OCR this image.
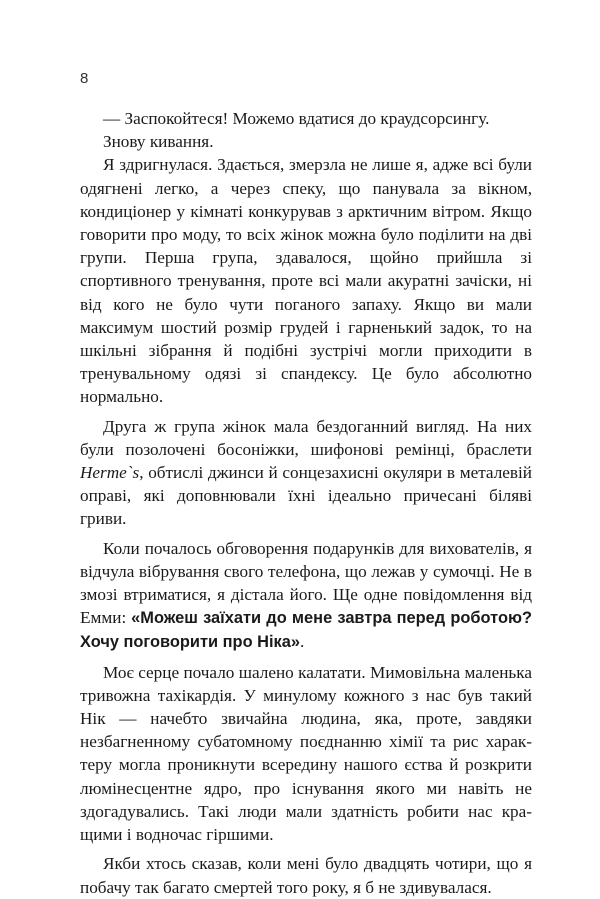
8

— Заспокойтеся! Можемо вдатися до краудсорсингу.

Знову кивання.

Я здригнулася. Здається, змерзла не лише я, адже всі були одягнені легко, а через спеку, що панувала за вікном, кондиціонер у кімнаті конкурував з арктичним вітром. Якщо говорити про моду, то всіх жінок можна було поділити на дві групи. Перша група, здавалося, щойно прийшла зі спортивного тренування, проте всі мали акуратні зачіски, ні від кого не було чути поганого запаху. Якщо ви мали максимум шостий розмір грудей і гарненький задок, то на шкільні зібрання й подібні зустрічі могли приходити в тренувальному одязі зі спандексу. Це було абсолютно нормально.

Друга ж група жінок мала бездоганний вигляд. На них були позолочені босоніжки, шифонові ремінці, браслети Herme`s, обтислі джинси й сонцезахисні окуляри в металевій оправі, які доповнювали їхні ідеально причесані біляві гриви.

Коли почалось обговорення подарунків для вихователів, я відчула вібрування свого телефона, що лежав у сумочці. Не в змозі втриматися, я дістала його. Ще одне повідомлення від Емми: «Можеш заїхати до мене завтра перед роботою? Хочу поговорити про Ніка».

Моє серце почало шалено калатати. Мимовільна маленька тривожна тахікардія. У минулому кожного з нас був такий Нік — начебто звичайна людина, яка, проте, завдяки незбагненному субатомному поєднанню хімії та рис характеру могла проникнути всередину нашого єства й розкрити люмінесцентне ядро, про існування якого ми навіть не здогадувались. Такі люди мали здатність робити нас кращими і водночас гіршими.

Якби хтось сказав, коли мені було двадцять чотири, що я побачу так багато смертей того року, я б не здивувалася.
